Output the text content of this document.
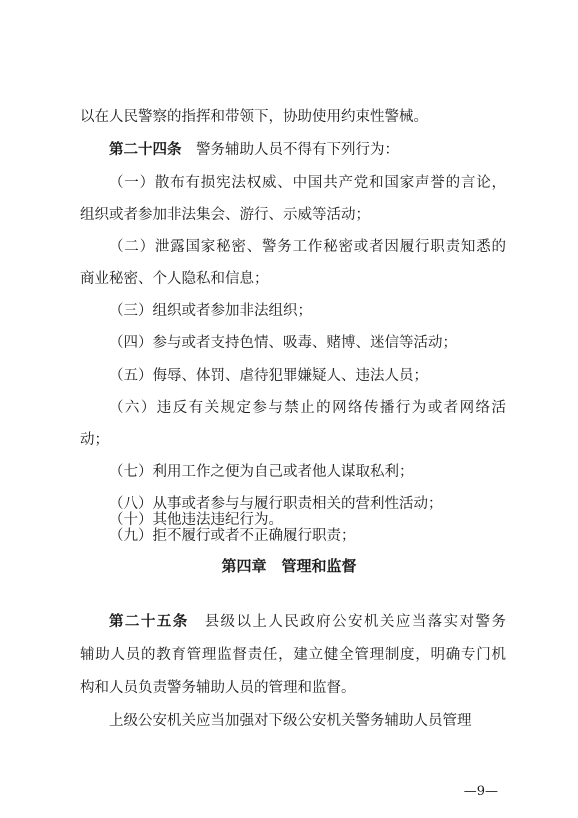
以在人民警察的指挥和带领下，协助使用约束性警械。
第二十四条　警务辅助人员不得有下列行为：
（一）散布有损宪法权威、中国共产党和国家声誉的言论，
组织或者参加非法集会、游行、示威等活动；
（二）泄露国家秘密、警务工作秘密或者因履行职责知悉的
商业秘密、个人隐私和信息；
（三）组织或者参加非法组织；
（四）参与或者支持色情、吸毒、赌博、迷信等活动；
（五）侮辱、体罚、虐待犯罪嫌疑人、违法人员；
（六）违反有关规定参与禁止的网络传播行为或者网络活
动；
（七）利用工作之便为自己或者他人谋取私利；
（八）从事或者参与与履行职责相关的营利性活动；
（九）拒不履行或者不正确履行职责；
（十）其他违法违纪行为。
第四章　管理和监督
第二十五条　县级以上人民政府公安机关应当落实对警务
辅助人员的教育管理监督责任，建立健全管理制度，明确专门机
构和人员负责警务辅助人员的管理和监督。
上级公安机关应当加强对下级公安机关警务辅助人员管理
—9—
